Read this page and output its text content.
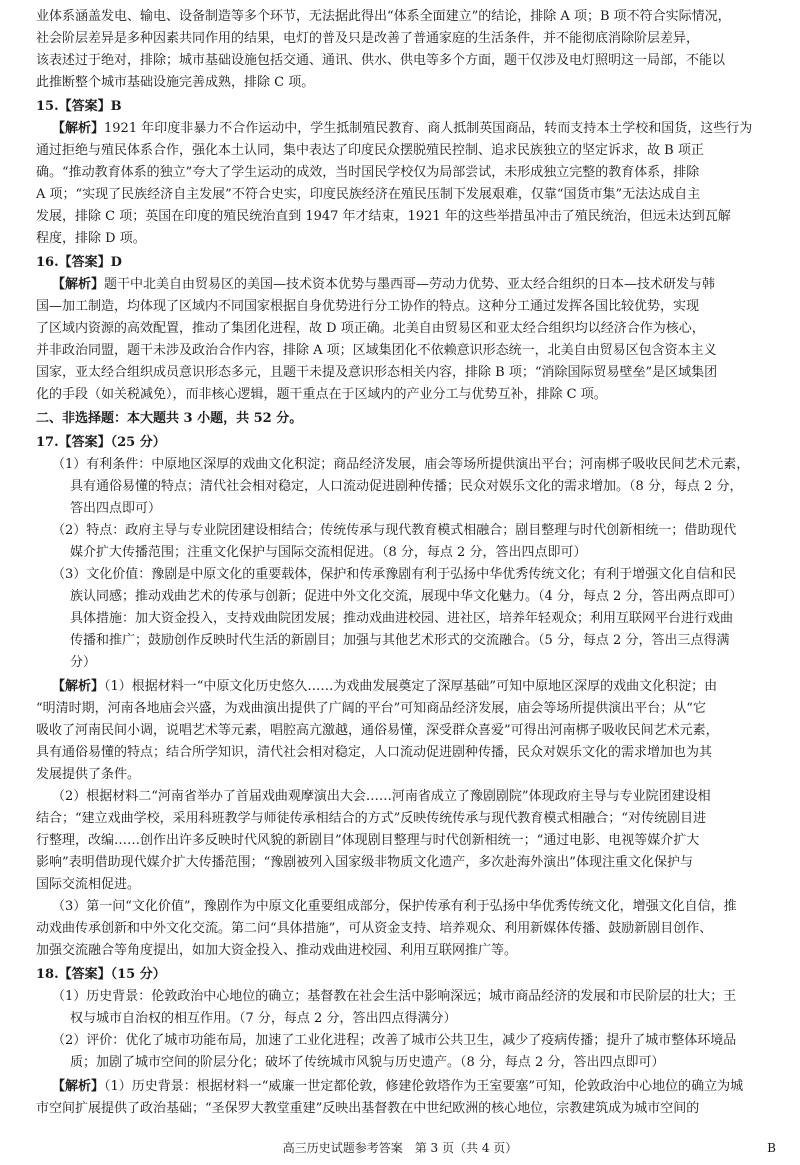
业体系涵盖发电、输电、设备制造等多个环节，无法据此得出“体系全面建立”的结论，排除 A 项；B 项不符合实际情况，
社会阶层差异是多种因素共同作用的结果，电灯的普及只是改善了普通家庭的生活条件，并不能彻底消除阶层差异，
该表述过于绝对，排除；城市基础设施包括交通、通讯、供水、供电等多个方面，题干仅涉及电灯照明这一局部，不能以
此推断整个城市基础设施完善成熟，排除 C 项。
15.【答案】B
【解析】1921 年印度非暴力不合作运动中，学生抵制殖民教育、商人抵制英国商品，转而支持本土学校和国货，这些行为
通过拒绝与殖民体系合作，强化本土认同，集中表达了印度民众摆脱殖民控制、追求民族独立的坚定诉求，故 B 项正
确。“推动教育体系的独立”夸大了学生运动的成效，当时国民学校仅为局部尝试，未形成独立完整的教育体系，排除
A 项；“实现了民族经济自主发展”不符合史实，印度民族经济在殖民压制下发展艰难，仅靠“国货市集”无法达成自主
发展，排除 C 项；英国在印度的殖民统治直到 1947 年才结束，1921 年的这些举措虽冲击了殖民统治，但远未达到瓦解
程度，排除 D 项。
16.【答案】D
【解析】题干中北美自由贸易区的美国—技术资本优势与墨西哥—劳动力优势、亚太经合组织的日本—技术研发与韩
国—加工制造，均体现了区域内不同国家根据自身优势进行分工协作的特点。这种分工通过发挥各国比较优势，实现
了区域内资源的高效配置，推动了集团化进程，故 D 项正确。北美自由贸易区和亚太经合组织均以经济合作为核心，
并非政治同盟，题干未涉及政治合作内容，排除 A 项；区域集团化不依赖意识形态统一，北美自由贸易区包含资本主义
国家，亚太经合组织成员意识形态多元，且题干未提及意识形态相关内容，排除 B 项；“消除国际贸易壁垒”是区域集团
化的手段（如关税减免），而非核心逻辑，题干重点在于区域内的产业分工与优势互补，排除 C 项。
二、非选择题：本大题共 3 小题，共 52 分。
17.【答案】（25 分）
（1）有利条件：中原地区深厚的戏曲文化积淀；商品经济发展，庙会等场所提供演出平台；河南梆子吸收民间艺术元素，
具有通俗易懂的特点；清代社会相对稳定，人口流动促进剧种传播；民众对娱乐文化的需求增加。（8 分，每点 2 分，
答出四点即可）
（2）特点：政府主导与专业院团建设相结合；传统传承与现代教育模式相融合；剧目整理与时代创新相统一；借助现代
媒介扩大传播范围；注重文化保护与国际交流相促进。（8 分，每点 2 分，答出四点即可）
（3）文化价值：豫剧是中原文化的重要载体，保护和传承豫剧有利于弘扬中华优秀传统文化；有利于增强文化自信和民
族认同感；推动戏曲艺术的传承与创新；促进中外文化交流，展现中华文化魅力。（4 分，每点 2 分，答出两点即可）
具体措施：加大资金投入，支持戏曲院团发展；推动戏曲进校园、进社区，培养年轻观众；利用互联网平台进行戏曲
传播和推广；鼓励创作反映时代生活的新剧目；加强与其他艺术形式的交流融合。（5 分，每点 2 分，答出三点得满
分）
【解析】（1）根据材料一“中原文化历史悠久……为戏曲发展奠定了深厚基础”可知中原地区深厚的戏曲文化积淀；由
“明清时期，河南各地庙会兴盛，为戏曲演出提供了广阔的平台”可知商品经济发展，庙会等场所提供演出平台；从“它
吸收了河南民间小调，说唱艺术等元素，唱腔高亢激越，通俗易懂，深受群众喜爱”可得出河南梆子吸收民间艺术元素，
具有通俗易懂的特点；结合所学知识，清代社会相对稳定，人口流动促进剧种传播，民众对娱乐文化的需求增加也为其
发展提供了条件。
（2）根据材料二“河南省举办了首届戏曲观摩演出大会……河南省成立了豫剧剧院”体现政府主导与专业院团建设相
结合；“建立戏曲学校，采用科班教学与师徒传承相结合的方式”反映传统传承与现代教育模式相融合；“对传统剧目进
行整理，改编……创作出许多反映时代风貌的新剧目”体现剧目整理与时代创新相统一；“通过电影、电视等媒介扩大
影响”表明借助现代媒介扩大传播范围；“豫剧被列入国家级非物质文化遗产，多次赴海外演出”体现注重文化保护与
国际交流相促进。
（3）第一问“文化价值”，豫剧作为中原文化重要组成部分，保护传承有利于弘扬中华优秀传统文化，增强文化自信，推
动戏曲传承创新和中外文化交流。第二问“具体措施”，可从资金支持、培养观众、利用新媒体传播、鼓励新剧目创作、
加强交流融合等角度提出，如加大资金投入、推动戏曲进校园、利用互联网推广等。
18.【答案】（15 分）
（1）历史背景：伦敦政治中心地位的确立；基督教在社会生活中影响深远；城市商品经济的发展和市民阶层的壮大；王
权与城市自治权的相互作用。（7 分，每点 2 分，答出四点得满分）
（2）评价：优化了城市功能布局，加速了工业化进程；改善了城市公共卫生，减少了疫病传播；提升了城市整体环境品
质；加剧了城市空间的阶层分化；破坏了传统城市风貌与历史遗产。（8 分，每点 2 分，答出四点即可）
【解析】（1）历史背景：根据材料一“威廉一世定都伦敦，修建伦敦塔作为王室要塞”可知，伦敦政治中心地位的确立为城
市空间扩展提供了政治基础；“圣保罗大教堂重建”反映出基督教在中世纪欧洲的核心地位，宗教建筑成为城市空间的
高三历史试题参考答案　第 3 页（共 4 页）	B
